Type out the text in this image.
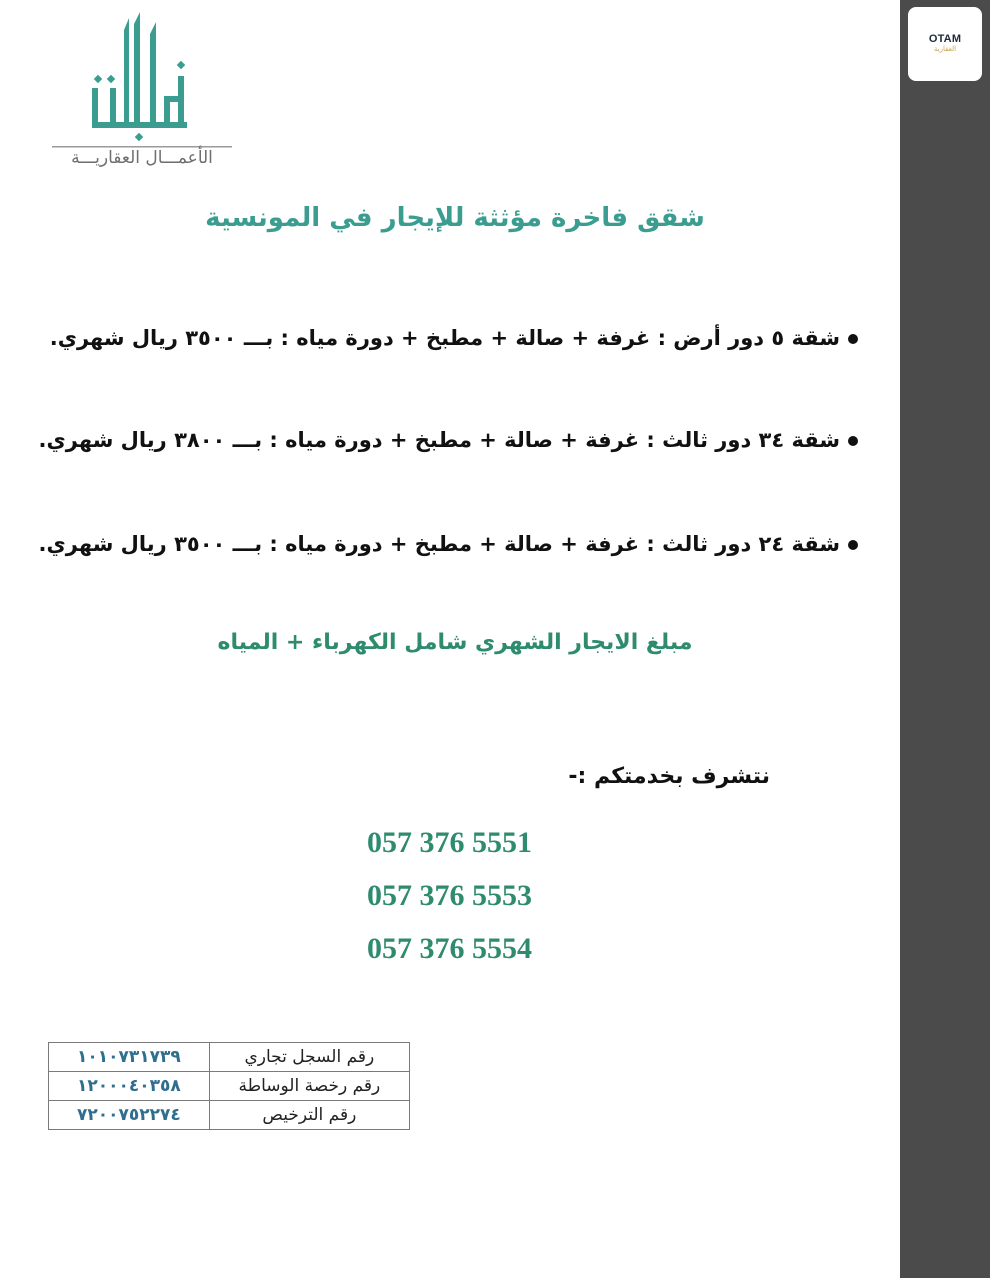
الأعمـــال العقاريـــة
شقق فاخرة مؤثثة للإيجار في المونسية
شقة ٥ دور أرض : غرفة + صالة + مطبخ + دورة مياه : بـــ ٣٥٠٠ ريال شهري.
شقة ٣٤ دور ثالث : غرفة + صالة + مطبخ + دورة مياه : بـــ ٣٨٠٠ ريال شهري.
شقة ٢٤ دور ثالث : غرفة + صالة + مطبخ + دورة مياه : بـــ ٣٥٠٠ ريال شهري.
مبلغ الايجار الشهري شامل الكهرباء + المياه
نتشرف بخدمتكم :-
057 376 5551
057 376 5553
057 376 5554
١٠١٠٧٣١٧٣٩	رقم السجل تجاري
١٢٠٠٠٤٠٣٥٨	رقم رخصة الوساطة
٧٢٠٠٧٥٢٢٧٤	رقم الترخيص
OTAM
العقارية
